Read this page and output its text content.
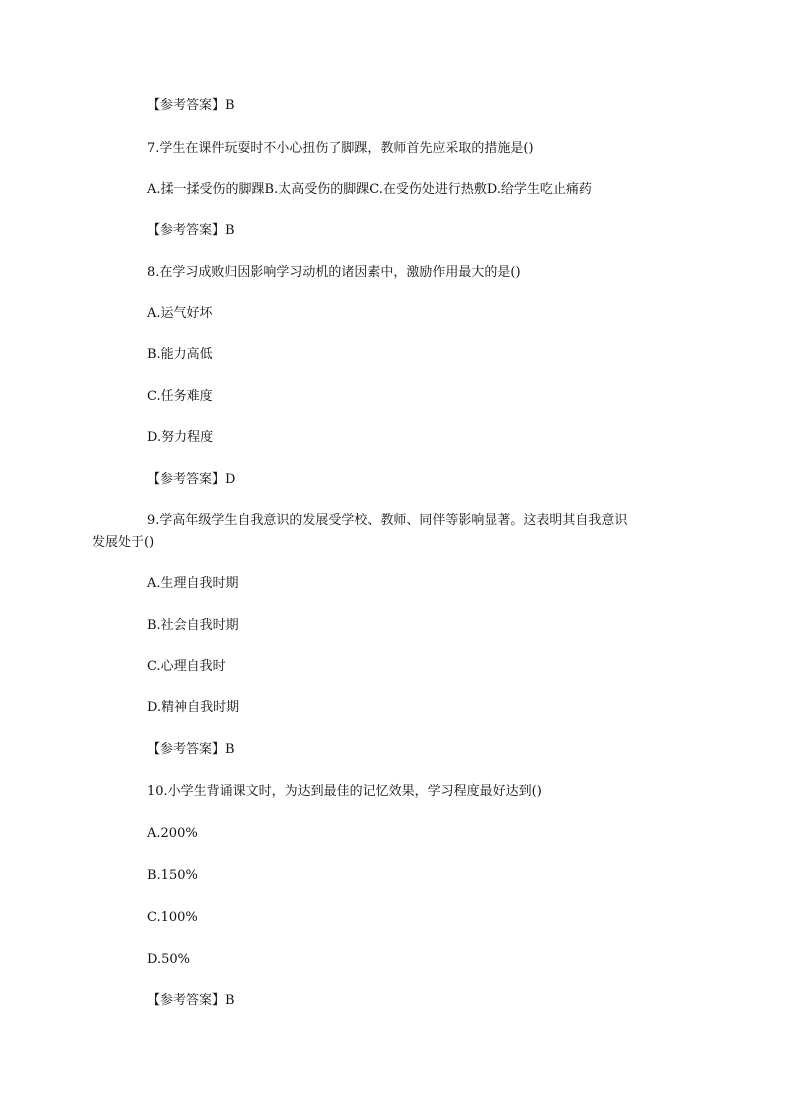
【参考答案】B
7.学生在课件玩耍时不小心扭伤了脚踝，教师首先应采取的措施是()
A.揉一揉受伤的脚踝B.太高受伤的脚踝C.在受伤处进行热敷D.给学生吃止痛药
【参考答案】B
8.在学习成败归因影响学习动机的诸因素中，激励作用最大的是()
A.运气好坏
B.能力高低
C.任务难度
D.努力程度
【参考答案】D
9.学高年级学生自我意识的发展受学校、教师、同伴等影响显著。这表明其自我意识
发展处于()
A.生理自我时期
B.社会自我时期
C.心理自我时
D.精神自我时期
【参考答案】B
10.小学生背诵课文时，为达到最佳的记忆效果，学习程度最好达到()
A.200%
B.150%
C.100%
D.50%
【参考答案】B
